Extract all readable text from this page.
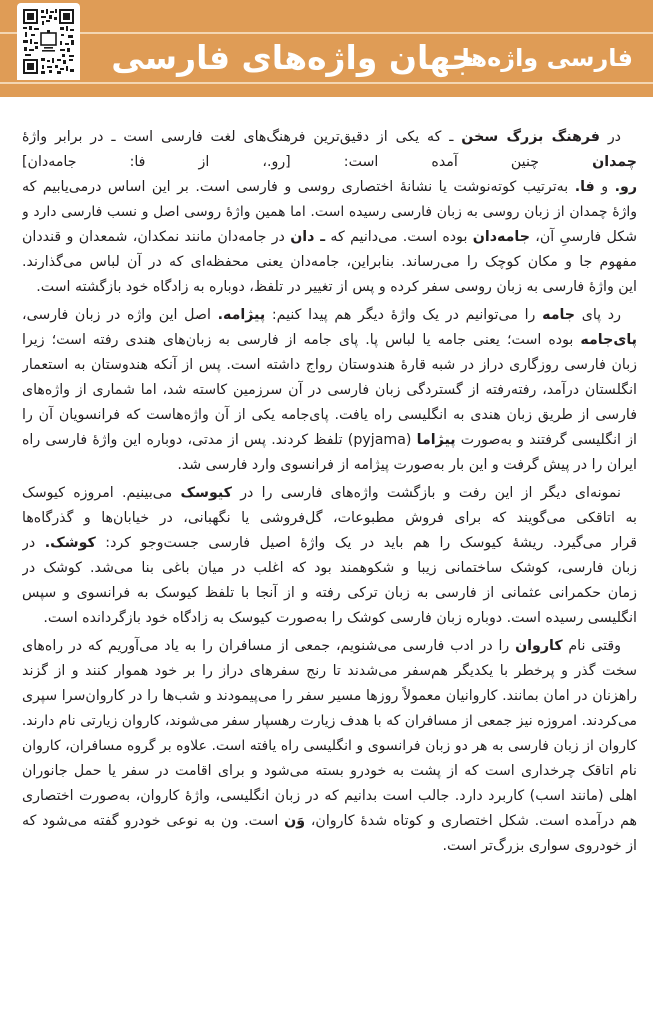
جهان واژه‌های فارسی
فارسی واژه‌ها
در فرهنگ بزرگ سخن ـ که یکی از دقیق‌ترین فرهنگ‌های لغت فارسی است ـ در برابر واژۀ
چمدان چنین آمده است: [رو.، از فا: جامه‌دان]
رو. و فا. به‌ترتیب کوته‌نوشت یا نشانۀ اختصاری روسی و فارسی است. بر این اساس درمی‌یابیم که
واژۀ چمدان از زبان روسی به زبان فارسی رسیده است. اما همین واژۀ روسی اصل و نسب فارسی دارد و
شکل فارسیِ آن، جامه‌دان بوده است. می‌دانیم که ـ دان در جامه‌دان مانند نمکدان، شمعدان و قنددان
مفهوم جا و مکان کوچک را می‌رساند. بنابراین، جامه‌دان یعنی محفظه‌ای که در آن لباس می‌گذارند.
این واژۀ فارسی به زبان روسی سفر کرده و پس از تغییر در تلفظ، دوباره به زادگاه خود بازگشته است.
رد پای جامه را می‌توانیم در یک واژۀ دیگر هم پیدا کنیم: پیژامه. اصل این واژه در زبان فارسی،
پای‌جامه بوده است؛ یعنی جامه یا لباس پا. پای جامه از فارسی به زبان‌های هندی رفته است؛ زیرا
زبان فارسی روزگاری دراز در شبه قارۀ هندوستان رواج داشته است. پس از آنکه هندوستان به استعمار
انگلستان درآمد، رفته‌رفته از گستردگی زبان فارسی در آن سرزمین کاسته شد، اما شماری از واژه‌های
فارسی از طریق زبان هندی به انگلیسی راه یافت. پای‌جامه یکی از آن واژه‌هاست که فرانسویان آن را
از انگلیسی گرفتند و به‌صورت پیژاما (pyjama) تلفظ کردند. پس از مدتی، دوباره این واژۀ فارسی راه
ایران را در پیش گرفت و این بار به‌صورت پیژامه از فرانسوی وارد فارسی شد.
نمونه‌ای دیگر از این رفت و بازگشت واژه‌های فارسی را در کیوسک می‌بینیم. امروزه کیوسک
به اتاقکی می‌گویند که برای فروش مطبوعات، گل‌فروشی یا نگهبانی، در خیابان‌ها و گذرگاه‌ها
قرار می‌گیرد. ریشۀ کیوسک را هم باید در یک واژۀ اصیل فارسی جست‌وجو کرد: کوشک. در
زبان فارسی، کوشک ساختمانی زیبا و شکوهمند بود که اغلب در میان باغی بنا می‌شد. کوشک در
زمان حکمرانی عثمانی از فارسی به زبان ترکی رفته و از آنجا با تلفظ کیوسک به فرانسوی و سپس
انگلیسی رسیده است. دوباره زبان فارسی کوشک را به‌صورت کیوسک به زادگاه خود بازگردانده است.
وقتی نام کاروان را در ادب فارسی می‌شنویم، جمعی از مسافران را به یاد می‌آوریم که در راه‌های
سخت گذر و پرخطر با یکدیگر هم‌سفر می‌شدند تا رنج سفرهای دراز را بر خود هموار کنند و از گزند
راهزنان در امان بمانند. کاروانیان معمولاً روزها مسیر سفر را می‌پیمودند و شب‌ها را در کاروان‌سرا سپری
می‌کردند. امروزه نیز جمعی از مسافران که با هدف زیارت رهسپار سفر می‌شوند، کاروان زیارتی نام دارند.
کاروان از زبان فارسی به هر دو زبان فرانسوی و انگلیسی راه یافته است. علاوه بر گروه مسافران، کاروان
نام اتاقک چرخداری است که از پشت به خودرو بسته می‌شود و برای اقامت در سفر یا حمل جانوران
اهلی (مانند اسب) کاربرد دارد. جالب است بدانیم که در زبان انگلیسی، واژۀ کاروان، به‌صورت اختصاری
هم درآمده است. شکل اختصاری و کوتاه شدۀ کاروان، وَن است. ون به نوعی خودرو گفته می‌شود که
از خودروی سواری بزرگ‌تر است.
